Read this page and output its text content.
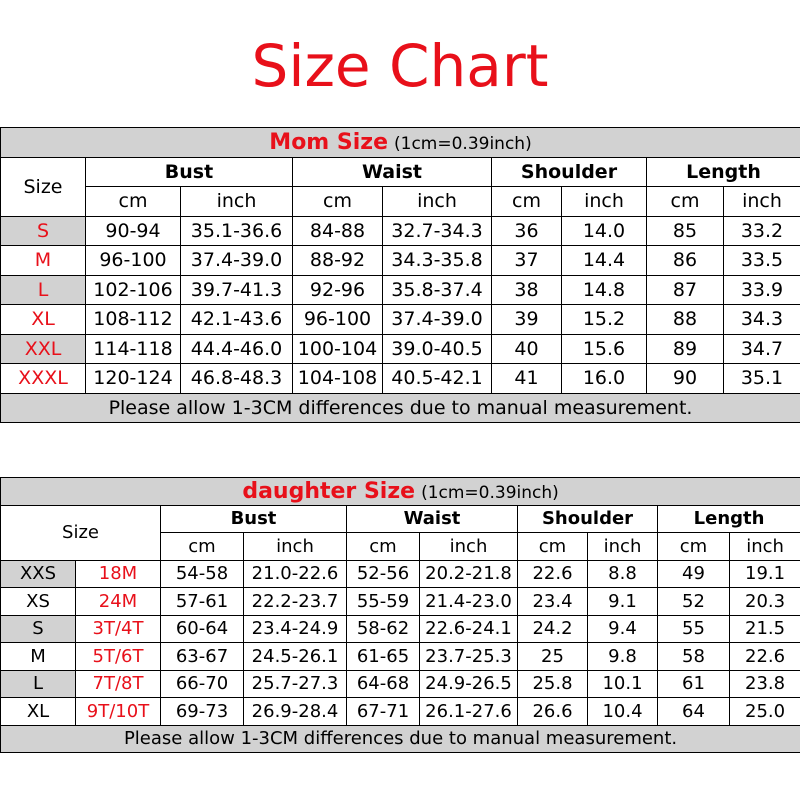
Size Chart
Mom Size (1cm=0.39inch)								
Size	Bust		Waist		Shoulder		Length	
	cm	inch	cm	inch	cm	inch	cm	inch
S	90-94	35.1-36.6	84-88	32.7-34.3	36	14.0	85	33.2
M	96-100	37.4-39.0	88-92	34.3-35.8	37	14.4	86	33.5
L	102-106	39.7-41.3	92-96	35.8-37.4	38	14.8	87	33.9
XL	108-112	42.1-43.6	96-100	37.4-39.0	39	15.2	88	34.3
XXL	114-118	44.4-46.0	100-104	39.0-40.5	40	15.6	89	34.7
XXXL	120-124	46.8-48.3	104-108	40.5-42.1	41	16.0	90	35.1
Please allow 1-3CM differences due to manual measurement.								
daughter Size (1cm=0.39inch)									
Size		Bust		Waist		Shoulder		Length	
		cm	inch	cm	inch	cm	inch	cm	inch
XXS	18M	54-58	21.0-22.6	52-56	20.2-21.8	22.6	8.8	49	19.1
XS	24M	57-61	22.2-23.7	55-59	21.4-23.0	23.4	9.1	52	20.3
S	3T/4T	60-64	23.4-24.9	58-62	22.6-24.1	24.2	9.4	55	21.5
M	5T/6T	63-67	24.5-26.1	61-65	23.7-25.3	25	9.8	58	22.6
L	7T/8T	66-70	25.7-27.3	64-68	24.9-26.5	25.8	10.1	61	23.8
XL	9T/10T	69-73	26.9-28.4	67-71	26.1-27.6	26.6	10.4	64	25.0
Please allow 1-3CM differences due to manual measurement.									
